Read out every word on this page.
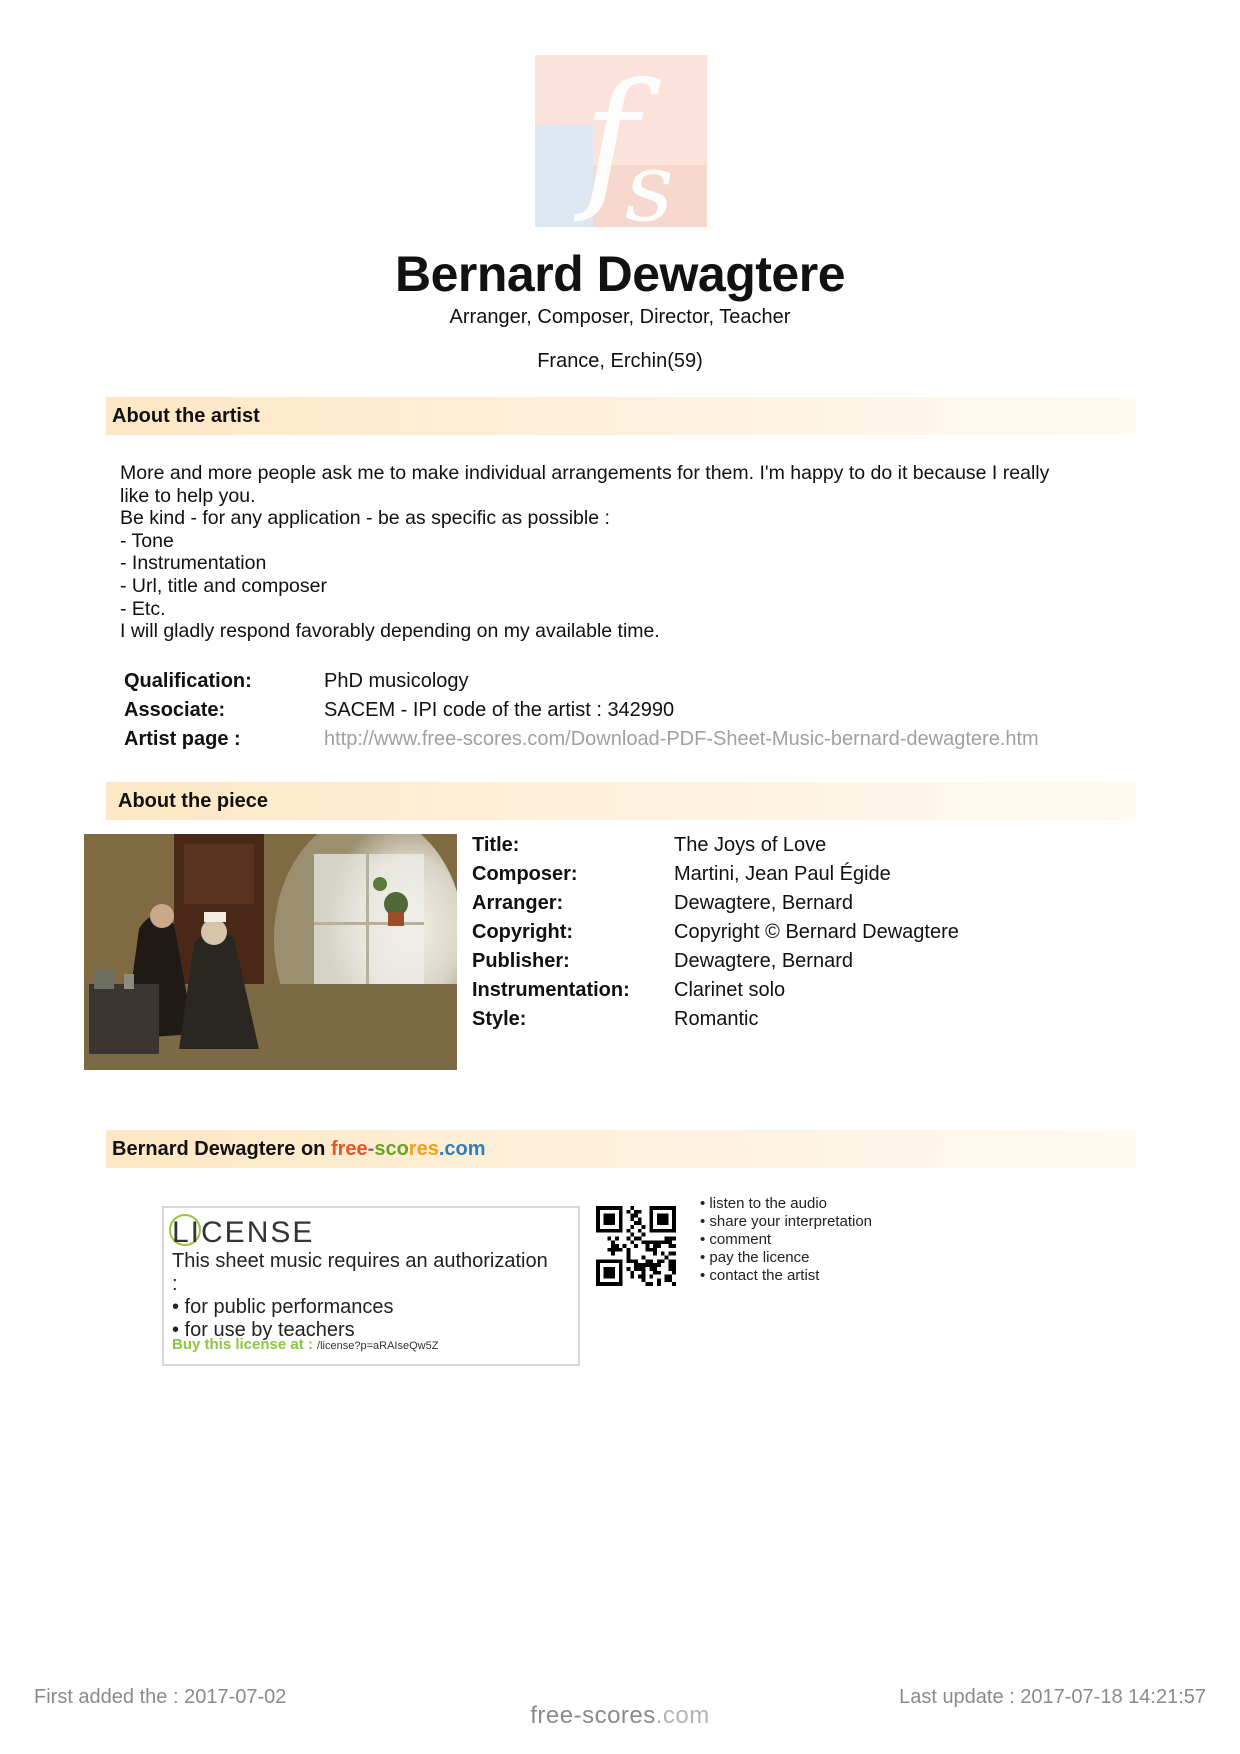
f
s
Bernard Dewagtere
Arranger, Composer, Director, Teacher
France, Erchin(59)
About the artist
More and more people ask me to make individual arrangements for them. I'm happy to do it because I really
like to help you.
Be kind - for any application - be as specific as possible :
- Tone
- Instrumentation
- Url, title and composer
- Etc.
I will gladly respond favorably depending on my available time.
Qualification:	PhD musicology
Associate:	SACEM - IPI code of the artist : 342990
Artist page :	http://www.free-scores.com/Download-PDF-Sheet-Music-bernard-dewagtere.htm
About the piece
Title:	The Joys of Love
Composer:	Martini, Jean Paul Égide
Arranger:	Dewagtere, Bernard
Copyright:	Copyright © Bernard Dewagtere
Publisher:	Dewagtere, Bernard
Instrumentation:	Clarinet solo
Style:	Romantic
Bernard Dewagtere on free-scores.com
LICENSE
This sheet music requires an authorization
:
• for public performances
• for use by teachers
Buy this license at : /license?p=aRAIseQw5Z
• listen to the audio
• share your interpretation
• comment
• pay the licence
• contact the artist
First added the : 2017-07-02	Last update : 2017-07-18 14:21:57
free-scores.com
